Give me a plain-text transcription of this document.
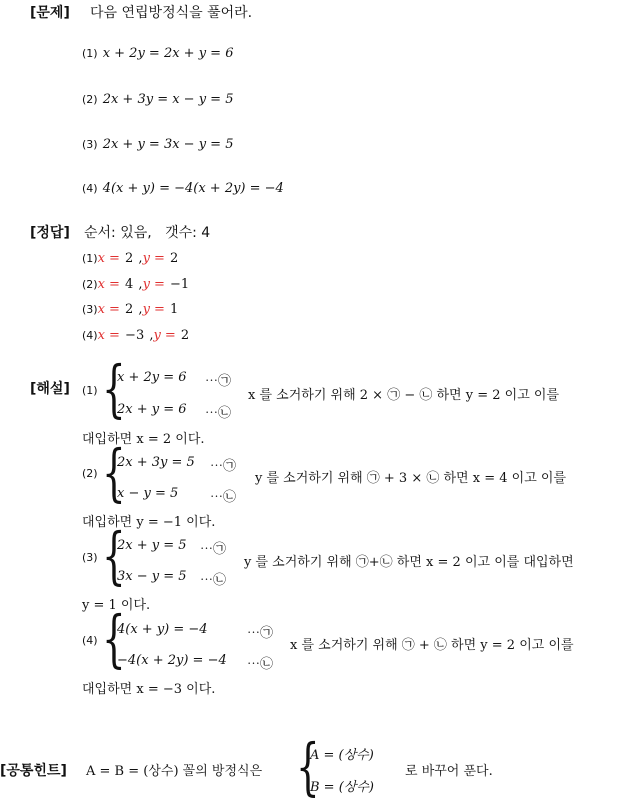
[문제] 다음 연립방정식을 풀어라.
(1) x + 2y = 2x + y = 6
(2) 2x + 3y = x − y = 5
(3) 2x + y = 3x − y = 5
(4) 4(x + y) = −4(x + 2y) = −4
[정답] 순서: 있음,   갯수: 4
(1)x = 2 ,y = 2
(2)x = 4 ,y = −1
(3)x = 2 ,y = 1
(4)x = −3 ,y = 2
[해설] (1) {
x + 2y = 6 ⋯㉠
2x + y = 6 ⋯㉡
x 를 소거하기 위해 2 × ㉠ − ㉡ 하면 y = 2 이고 이를
대입하면 x = 2 이다.
(2) {
2x + 3y = 5 ⋯㉠
x − y = 5 ⋯㉡
y 를 소거하기 위해 ㉠ + 3 × ㉡ 하면 x = 4 이고 이를
대입하면 y = −1 이다.
(3) {
2x + y = 5 ⋯㉠
3x − y = 5 ⋯㉡
y 를 소거하기 위해 ㉠+㉡ 하면 x = 2 이고 이를 대입하면
y = 1 이다.
(4) {
4(x + y) = −4	⋯㉠
−4(x + 2y) = −4 ⋯㉡
x 를 소거하기 위해 ㉠ + ㉡ 하면 y = 2 이고 이를
대입하면 x = −3 이다.
[공통힌트] A = B = (상수) 꼴의 방정식은 {
A = (상수)
B = (상수)
로 바꾸어 푼다.
